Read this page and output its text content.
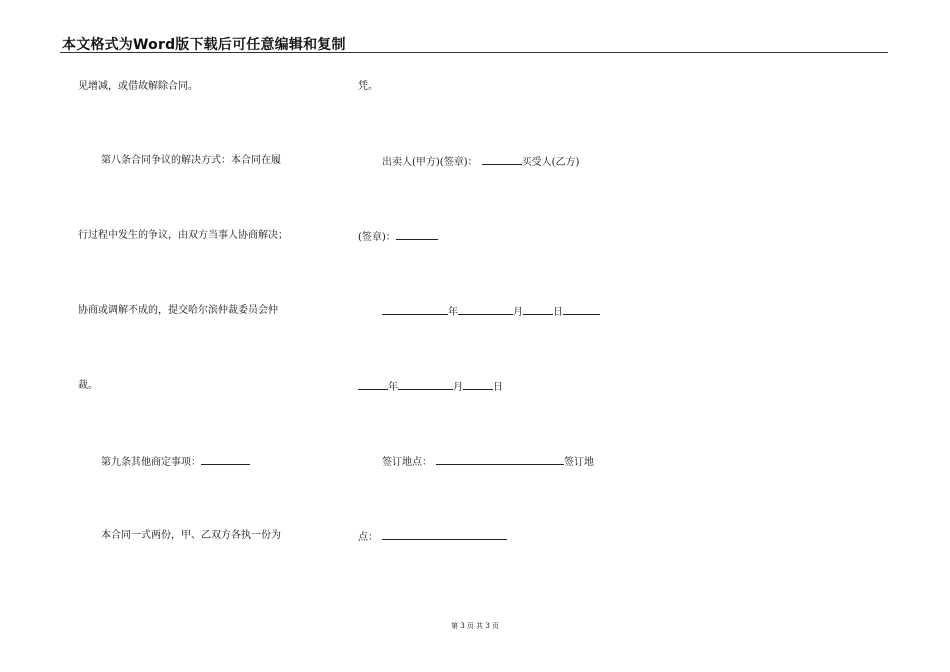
本文格式为Word版下载后可任意编辑和复制
见增减，或借故解除合同。
第八条合同争议的解决方式：本合同在履
行过程中发生的争议，由双方当事人协商解决；
协商或调解不成的，提交哈尔滨仲裁委员会仲
裁。
第九条其他商定事项：
本合同一式两份，甲、乙双方各执一份为
凭。
出卖人(甲方)(签章)：	买受人(乙方)
(签章)：
年	月	日
年	月	日
签订地点：	签订地
点：
第 3 页 共 3 页
